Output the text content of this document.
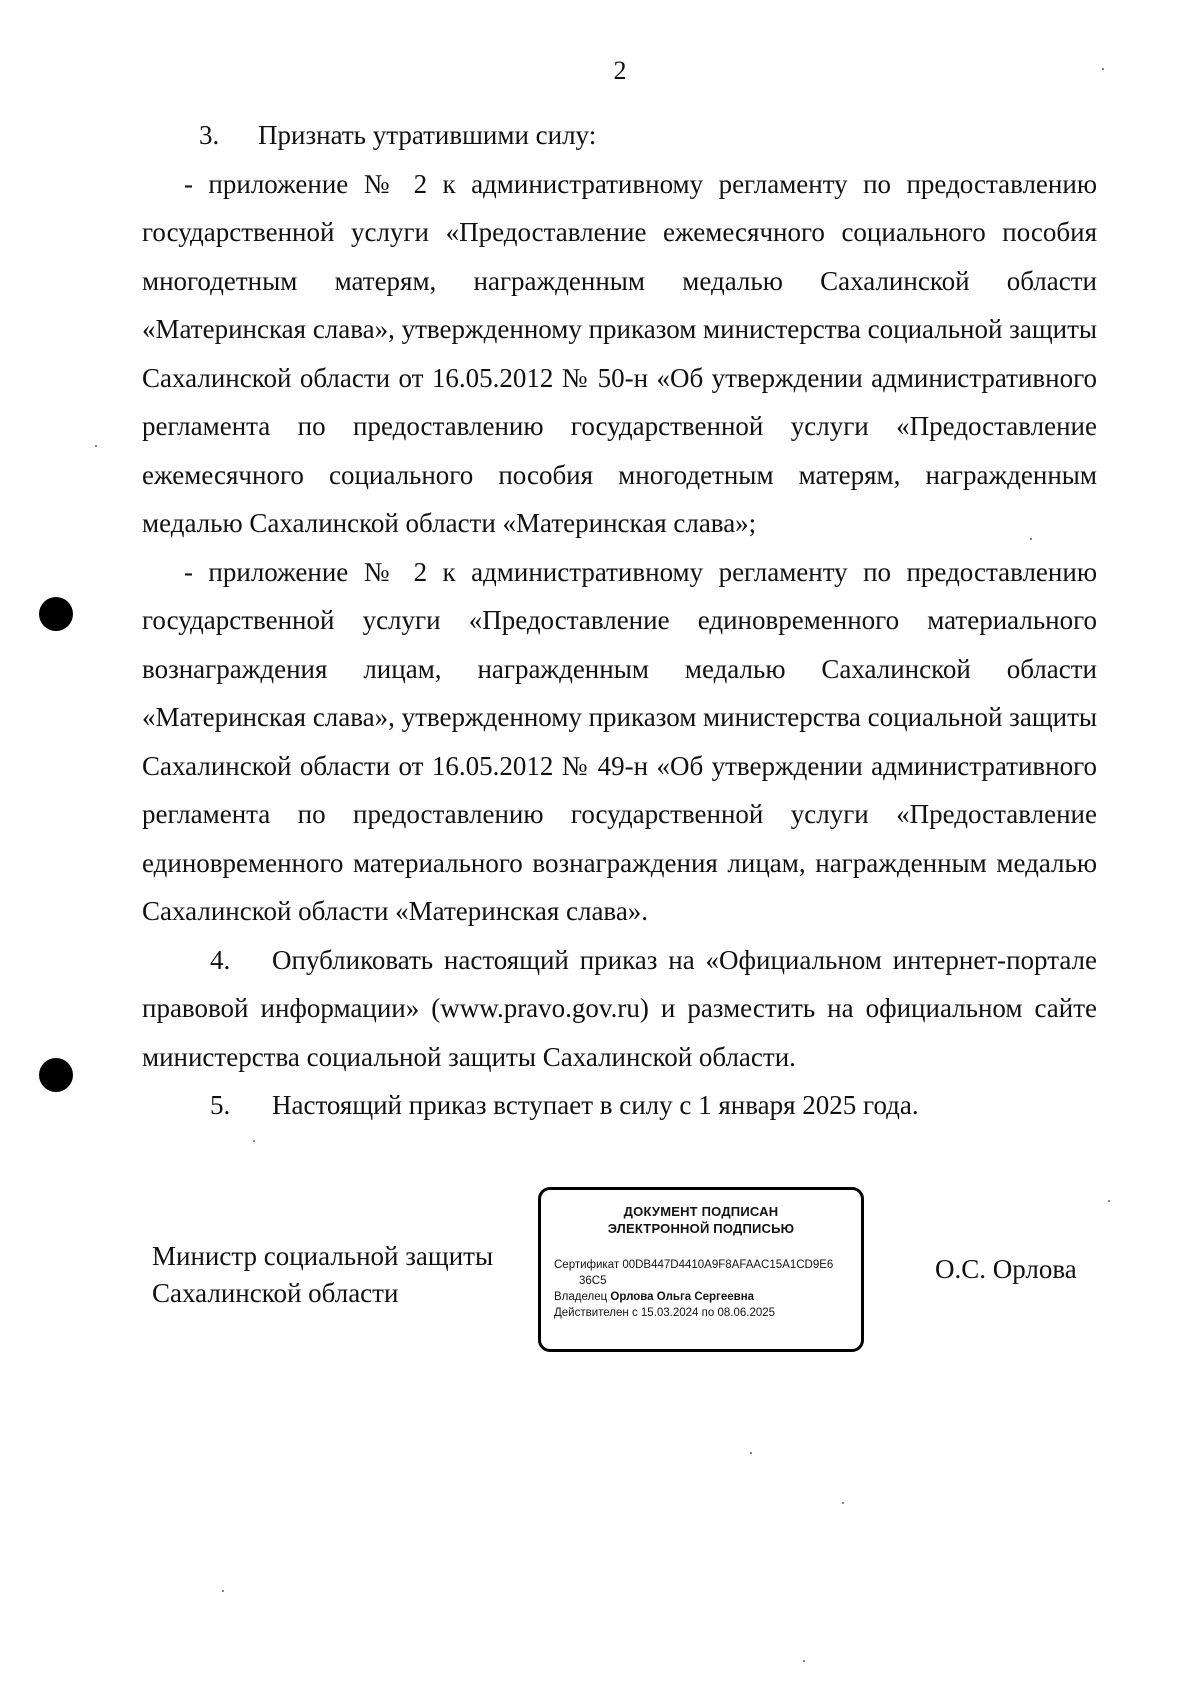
2

3. Признать утратившими силу:

- приложение № 2 к административному регламенту по предоставлению государственной услуги «Предоставление ежемесячного социального пособия многодетным матерям, награжденным медалью Сахалинской области «Материнская слава», утвержденному приказом министерства социальной защиты Сахалинской области от 16.05.2012 № 50-н «Об утверждении административного регламента по предоставлению государственной услуги «Предоставление ежемесячного социального пособия многодетным матерям, награжденным медалью Сахалинской области «Материнская слава»;

- приложение № 2 к административному регламенту по предоставлению государственной услуги «Предоставление единовременного материального вознаграждения лицам, награжденным медалью Сахалинской области «Материнская слава», утвержденному приказом министерства социальной защиты Сахалинской области от 16.05.2012 № 49-н «Об утверждении административного регламента по предоставлению государственной услуги «Предоставление единовременного материального вознаграждения лицам, награжденным медалью Сахалинской области «Материнская слава».

4. Опубликовать настоящий приказ на «Официальном интернет-портале правовой информации» (www.pravo.gov.ru) и разместить на официальном сайте министерства социальной защиты Сахалинской области.

5. Настоящий приказ вступает в силу с 1 января 2025 года.

Министр социальной защиты
Сахалинской области
ДОКУМЕНТ ПОДПИСАН
ЭЛЕКТРОННОЙ ПОДПИСЬЮ
Сертификат 00DB447D4410A9F8AFAAC15A1CD9E6
36C5
Владелец Орлова Ольга Сергеевна
Действителен с 15.03.2024 по 08.06.2025
О.С. Орлова
